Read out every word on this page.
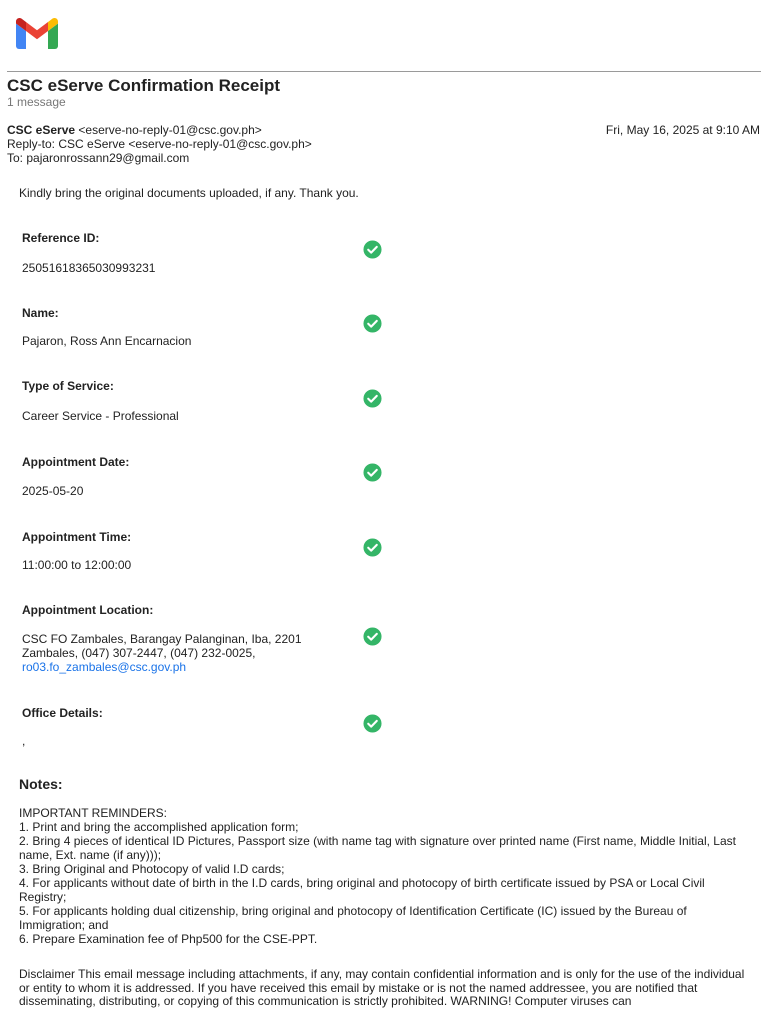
CSC eServe Confirmation Receipt
1 message
CSC eServe <eserve-no-reply-01@csc.gov.ph>	Fri, May 16, 2025 at 9:10 AM
Reply-to: CSC eServe <eserve-no-reply-01@csc.gov.ph>
To: pajaronrossann29@gmail.com
Kindly bring the original documents uploaded, if any. Thank you.
Reference ID:
25051618365030993231
Name:
Pajaron, Ross Ann Encarnacion
Type of Service:
Career Service - Professional
Appointment Date:
2025-05-20
Appointment Time:
11:00:00 to 12:00:00
Appointment Location:
CSC FO Zambales, Barangay Palanginan, Iba, 2201
Zambales, (047) 307-2447, (047) 232-0025,
ro03.fo_zambales@csc.gov.ph
Office Details:
,
Notes:
IMPORTANT REMINDERS:
1. Print and bring the accomplished application form;
2. Bring 4 pieces of identical ID Pictures, Passport size (with name tag with signature over printed name (First name, Middle Initial, Last name, Ext. name (if any)));
3. Bring Original and Photocopy of valid I.D cards;
4. For applicants without date of birth in the I.D cards, bring original and photocopy of birth certificate issued by PSA or Local Civil Registry;
5. For applicants holding dual citizenship, bring original and photocopy of Identification Certificate (IC) issued by the Bureau of Immigration; and
6. Prepare Examination fee of Php500 for the CSE-PPT.
Disclaimer This email message including attachments, if any, may contain confidential information and is only for the use of the individual or entity to whom it is addressed. If you have received this email by mistake or is not the named addressee, you are notified that disseminating, distributing, or copying of this communication is strictly prohibited. WARNING! Computer viruses can
